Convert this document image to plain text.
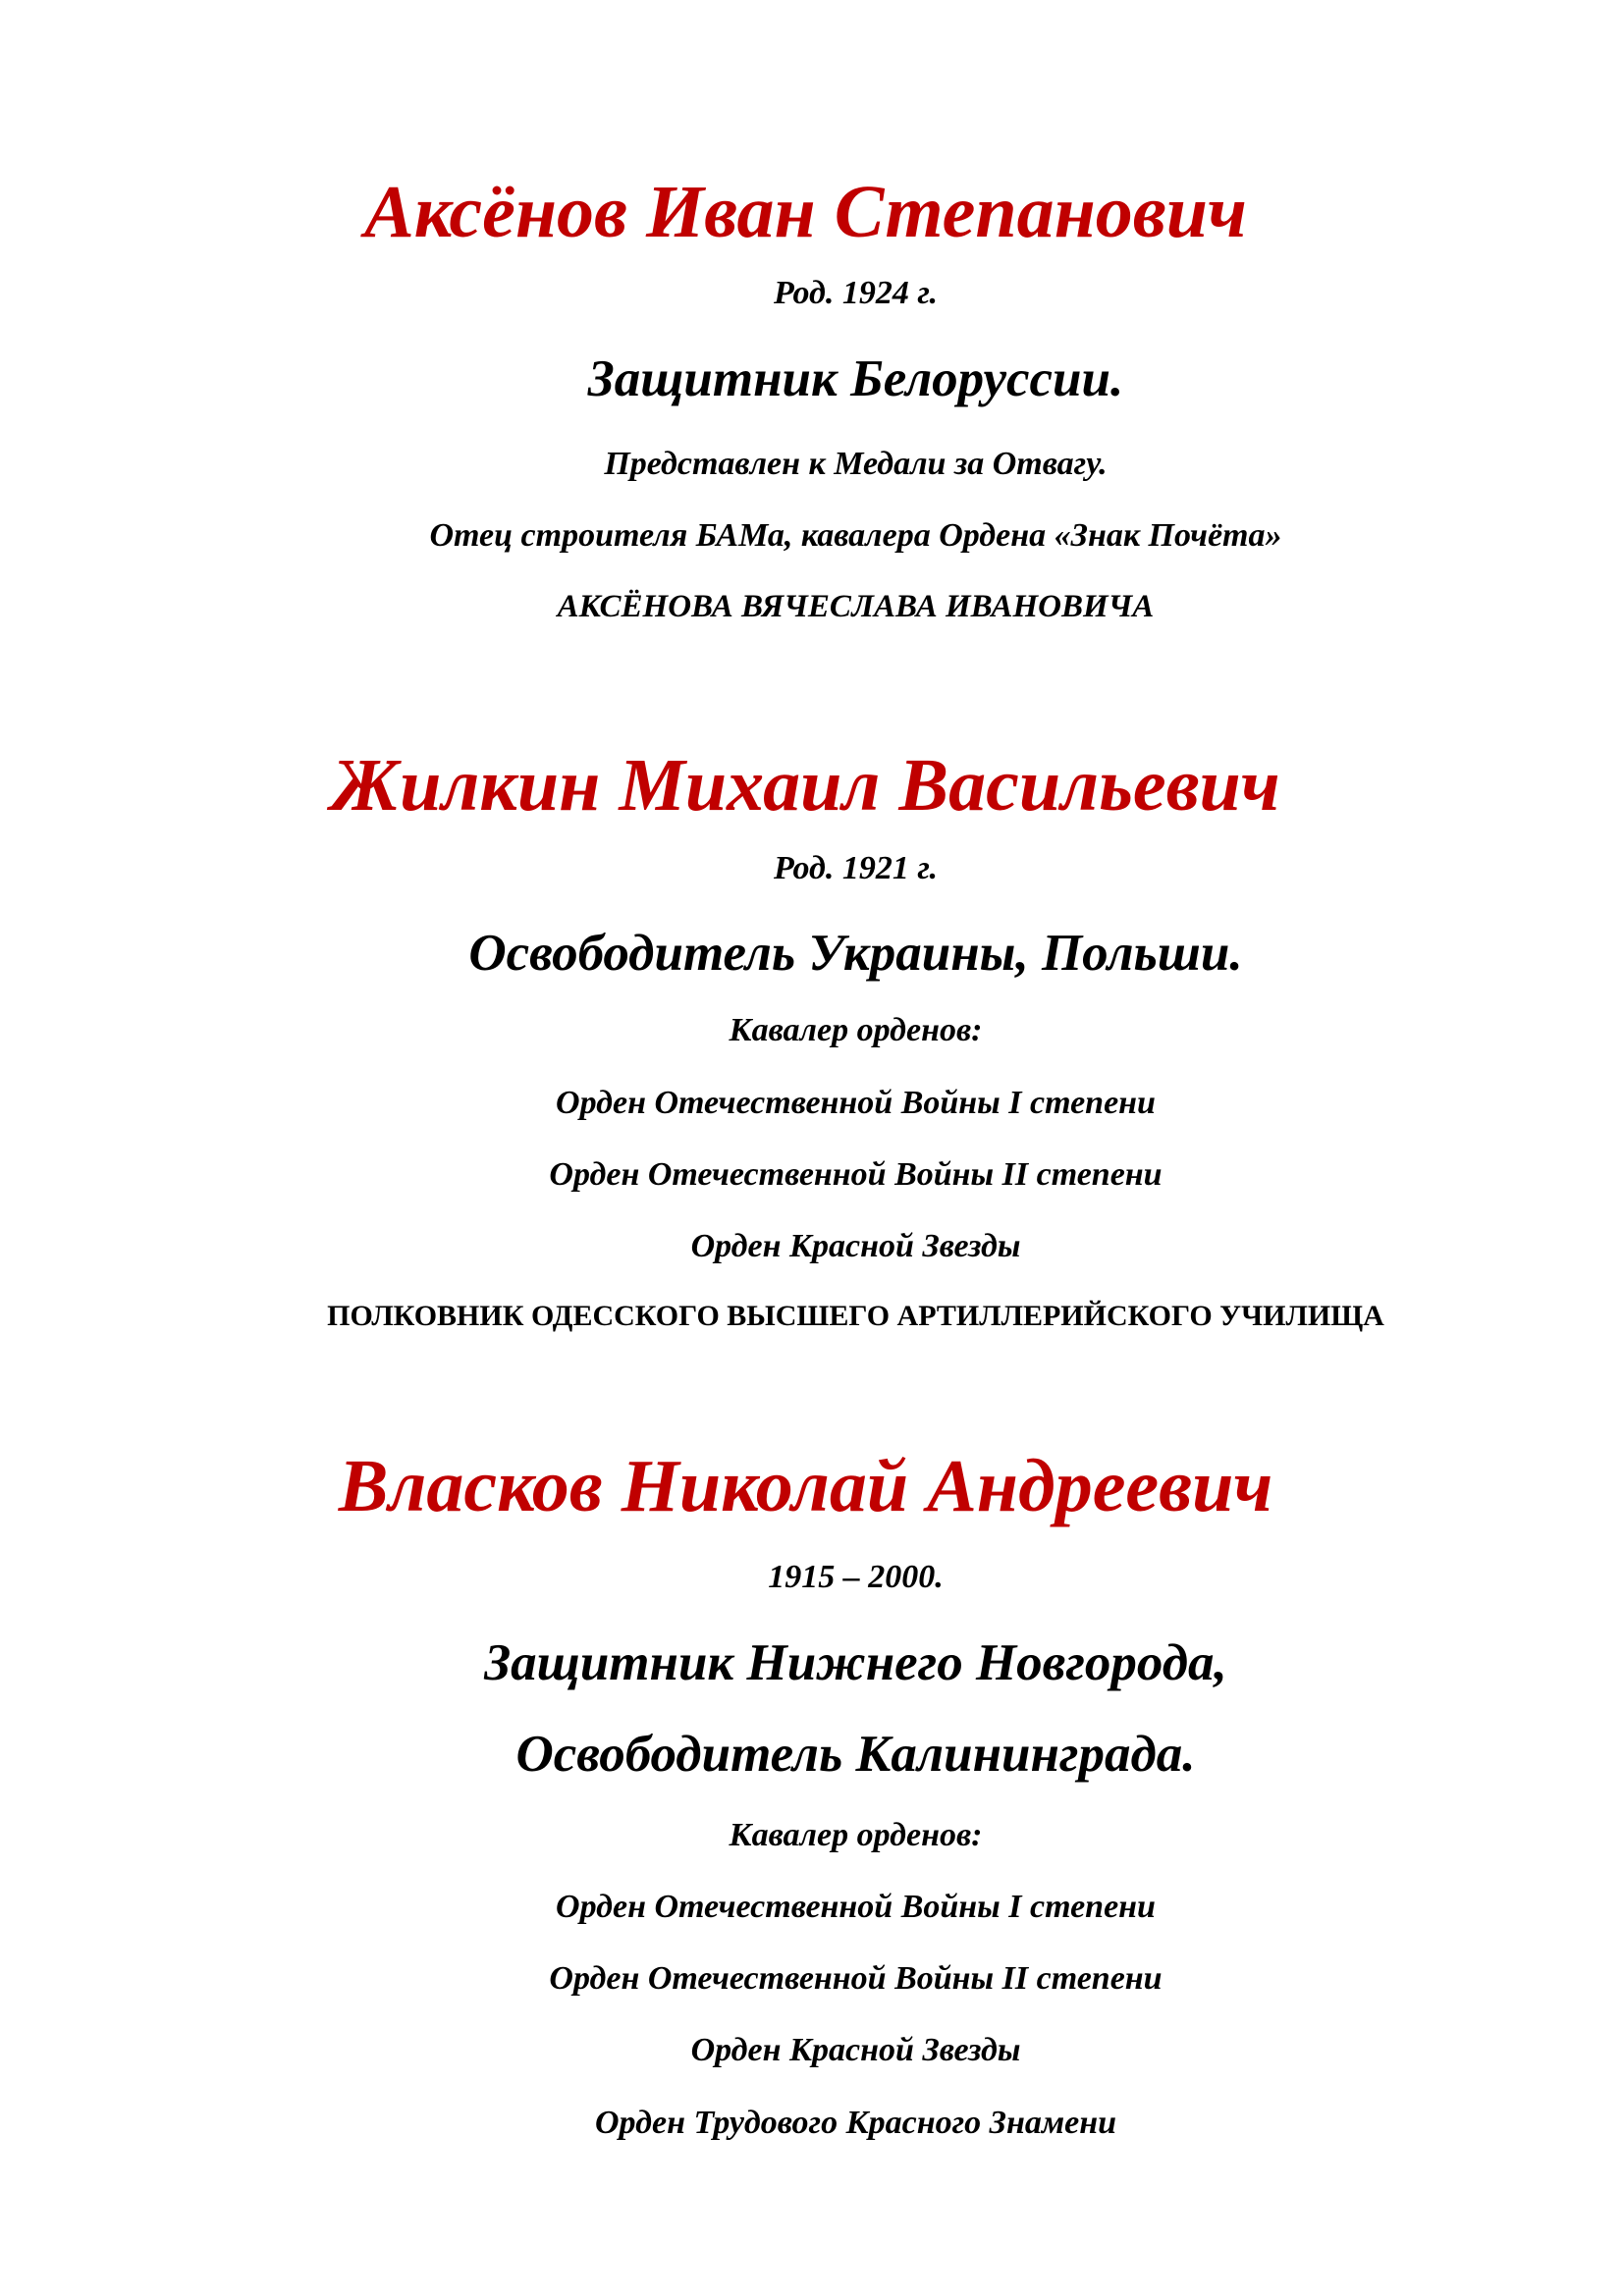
Аксёнов Иван Степанович
Род. 1924 г.
Защитник Белоруссии.
Представлен к Медали за Отвагу.
Отец строителя БАМа, кавалера Ордена «Знак Почёта»
АКСЁНОВА ВЯЧЕСЛАВА ИВАНОВИЧА
Жилкин Михаил Васильевич
Род. 1921 г.
Освободитель Украины, Польши.
Кавалер орденов:
Орден Отечественной Войны I степени
Орден Отечественной Войны II степени
Орден Красной Звезды
ПОЛКОВНИК ОДЕССКОГО ВЫСШЕГО АРТИЛЛЕРИЙСКОГО УЧИЛИЩА
Власков Николай Андреевич
1915 – 2000.
Защитник Нижнего Новгорода,
Освободитель Калининграда.
Кавалер орденов:
Орден Отечественной Войны I степени
Орден Отечественной Войны II степени
Орден Красной Звезды
Орден Трудового Красного Знамени
